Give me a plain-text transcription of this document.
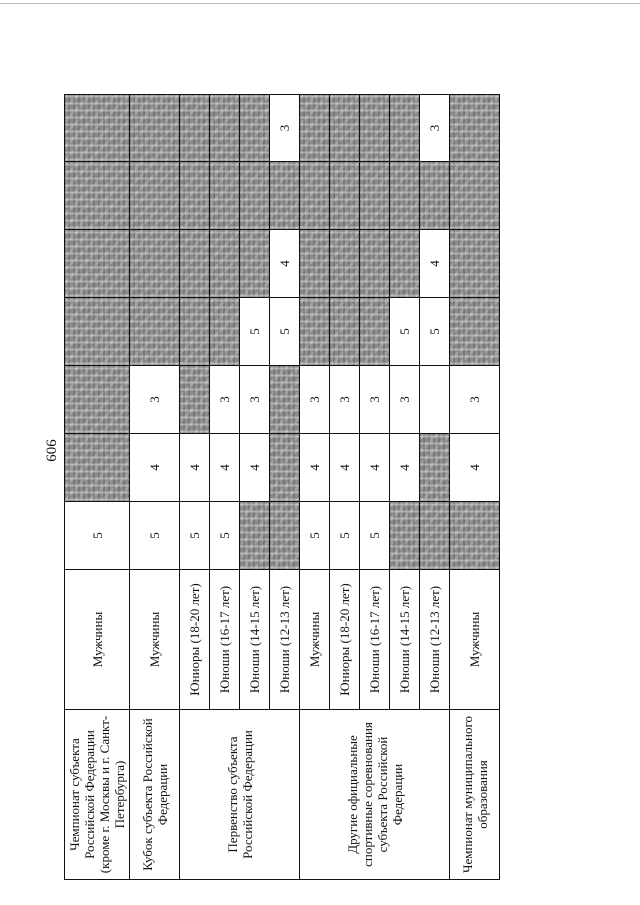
909
Чемпионат субъекта Российской Федерации (кроме г. Москвы и г. Санкт-Петербурга)	Мужчины	5						
Кубок субъекта Российской Федерации	Мужчины	5	4	3				
Первенство субъекта Российской Федерации	Юниоры (18-20 лет)	5	4					
	Юноши (16-17 лет)	5	4	3				
	Юноши (14-15 лет)		4	3	5			
	Юноши (12-13 лет)				5	4		3
Другие официальные спортивные соревнования субъекта Российской Федерации	Мужчины	5	4	3				
	Юниоры (18-20 лет)	5	4	3				
	Юноши (16-17 лет)	5	4	3				
	Юноши (14-15 лет)		4	3	5			
	Юноши (12-13 лет)				5	4		3
Чемпионат муниципального образования	Мужчины		4	3				
